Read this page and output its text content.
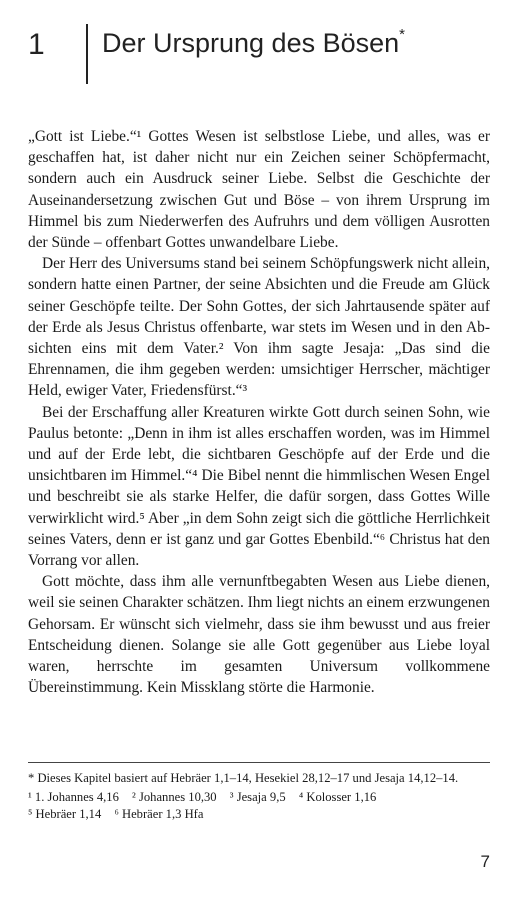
1 Der Ursprung des Bösen*

„Gott ist Liebe.“¹ Gottes Wesen ist selbstlose Liebe, und alles, was er geschaffen hat, ist daher nicht nur ein Zeichen seiner Schöpfermacht, sondern auch ein Ausdruck seiner Liebe. Selbst die Geschichte der Auseinandersetzung zwischen Gut und Böse – von ihrem Ursprung im Himmel bis zum Niederwerfen des Aufruhrs und dem völligen Ausrotten der Sünde – offenbart Gottes unwandelbare Liebe.

Der Herr des Universums stand bei seinem Schöpfungswerk nicht allein, sondern hatte einen Partner, der seine Absichten und die Freude am Glück seiner Geschöpfe teilte. Der Sohn Gottes, der sich Jahrtausende später auf der Erde als Jesus Christus offenbarte, war stets im Wesen und in den Absichten eins mit dem Vater.² Von ihm sagte Jesaja: „Das sind die Ehrennamen, die ihm gegeben werden: umsichtiger Herrscher, mächtiger Held, ewiger Vater, Friedensfürst.“³

Bei der Erschaffung aller Kreaturen wirkte Gott durch seinen Sohn, wie Paulus betonte: „Denn in ihm ist alles erschaffen worden, was im Himmel und auf der Erde lebt, die sichtbaren Geschöpfe auf der Erde und die unsichtbaren im Himmel.“⁴ Die Bibel nennt die himmlischen Wesen Engel und beschreibt sie als starke Helfer, die dafür sorgen, dass Gottes Wille verwirklicht wird.⁵ Aber „in dem Sohn zeigt sich die göttliche Herrlichkeit seines Vaters, denn er ist ganz und gar Gottes Ebenbild.“⁶ Christus hat den Vorrang vor allen.

Gott möchte, dass ihm alle vernunftbegabten Wesen aus Liebe dienen, weil sie seinen Charakter schätzen. Ihm liegt nichts an einem erzwungenen Gehorsam. Er wünscht sich vielmehr, dass sie ihm bewusst und aus freier Entscheidung dienen. Solange sie alle Gott gegenüber aus Liebe loyal waren, herrschte im gesamten Universum vollkommene Übereinstimmung. Kein Missklang störte die Harmonie.

* Dieses Kapitel basiert auf Hebräer 1,1–14, Hesekiel 28,12–17 und Jesaja 14,12–14.

¹ 1. Johannes 4,16 ² Johannes 10,30 ³ Jesaja 9,5 ⁴ Kolosser 1,16

⁵ Hebräer 1,14 ⁶ Hebräer 1,3 Hfa

7
